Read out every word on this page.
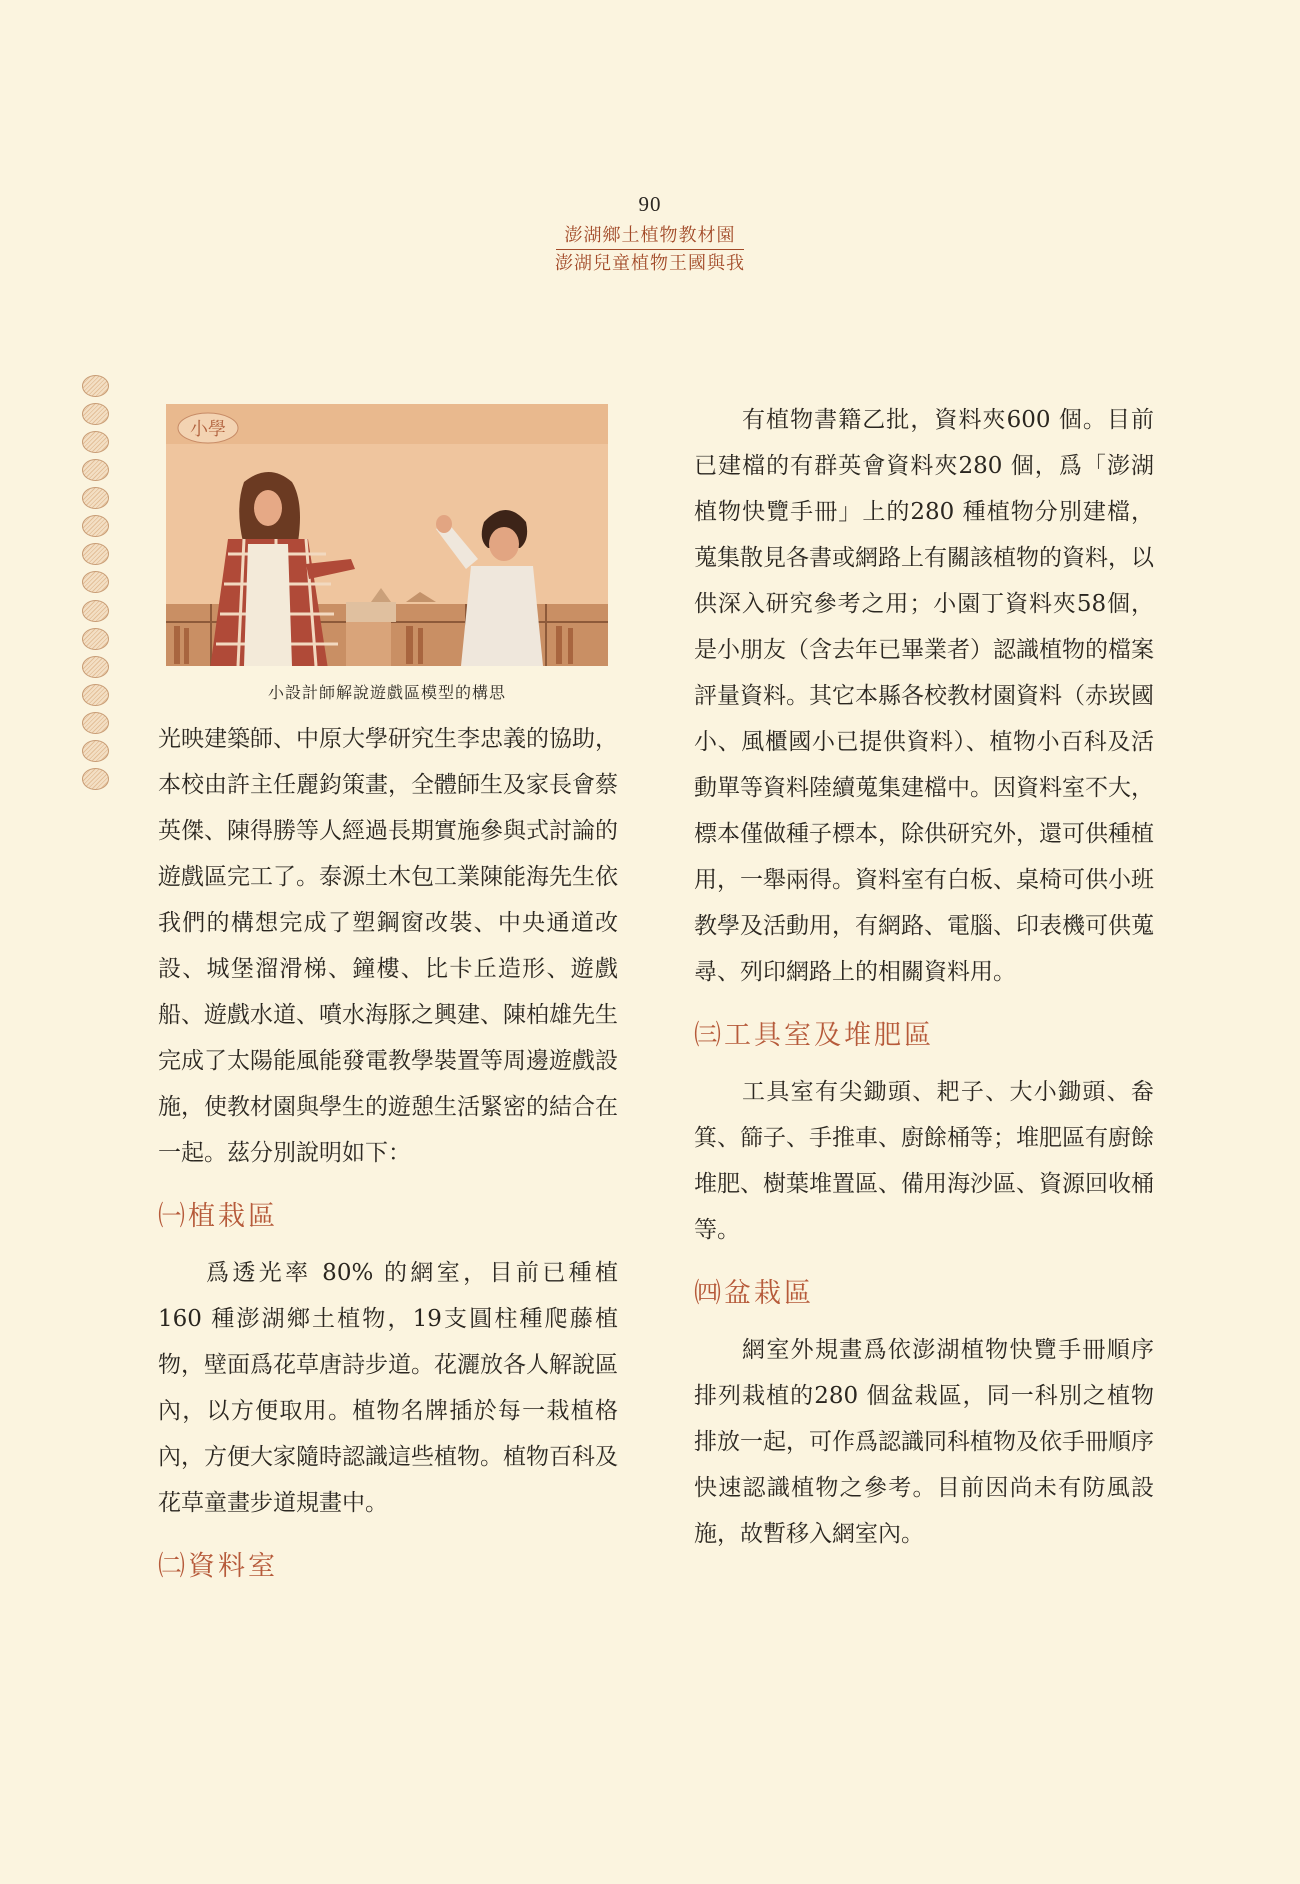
90
澎湖鄉土植物教材園
澎湖兒童植物王國與我
小學
小設計師解說遊戲區模型的構思

光映建築師、中原大學研究生李忠義的協助，本校由許主任麗鈞策畫，全體師生及家長會蔡英傑、陳得勝等人經過長期實施參與式討論的遊戲區完工了。泰源土木包工業陳能海先生依我們的構想完成了塑鋼窗改裝、中央通道改設、城堡溜滑梯、鐘樓、比卡丘造形、遊戲船、遊戲水道、噴水海豚之興建、陳柏雄先生完成了太陽能風能發電教學裝置等周邊遊戲設施，使教材園與學生的遊憩生活緊密的結合在一起。茲分別說明如下：

㈠植栽區

爲透光率 80% 的網室，目前已種植 160 種澎湖鄉土植物，19支圓柱種爬藤植物，壁面爲花草唐詩步道。花灑放各人解說區內，以方便取用。植物名牌插於每一栽植格內，方便大家隨時認識這些植物。植物百科及花草童畫步道規畫中。

㈡資料室

有植物書籍乙批，資料夾600 個。目前已建檔的有群英會資料夾280 個，爲「澎湖植物快覽手冊」上的280 種植物分別建檔，蒐集散見各書或網路上有關該植物的資料，以供深入研究參考之用；小園丁資料夾58個，是小朋友（含去年已畢業者）認識植物的檔案評量資料。其它本縣各校教材園資料（赤崁國小、風櫃國小已提供資料）、植物小百科及活動單等資料陸續蒐集建檔中。因資料室不大，標本僅做種子標本，除供研究外，還可供種植用，一舉兩得。資料室有白板、桌椅可供小班教學及活動用，有網路、電腦、印表機可供蒐尋、列印網路上的相關資料用。

㈢工具室及堆肥區

工具室有尖鋤頭、耙子、大小鋤頭、畚箕、篩子、手推車、廚餘桶等；堆肥區有廚餘堆肥、樹葉堆置區、備用海沙區、資源回收桶等。

㈣盆栽區

網室外規畫爲依澎湖植物快覽手冊順序排列栽植的280 個盆栽區，同一科別之植物排放一起，可作爲認識同科植物及依手冊順序快速認識植物之參考。目前因尚未有防風設施，故暫移入網室內。
